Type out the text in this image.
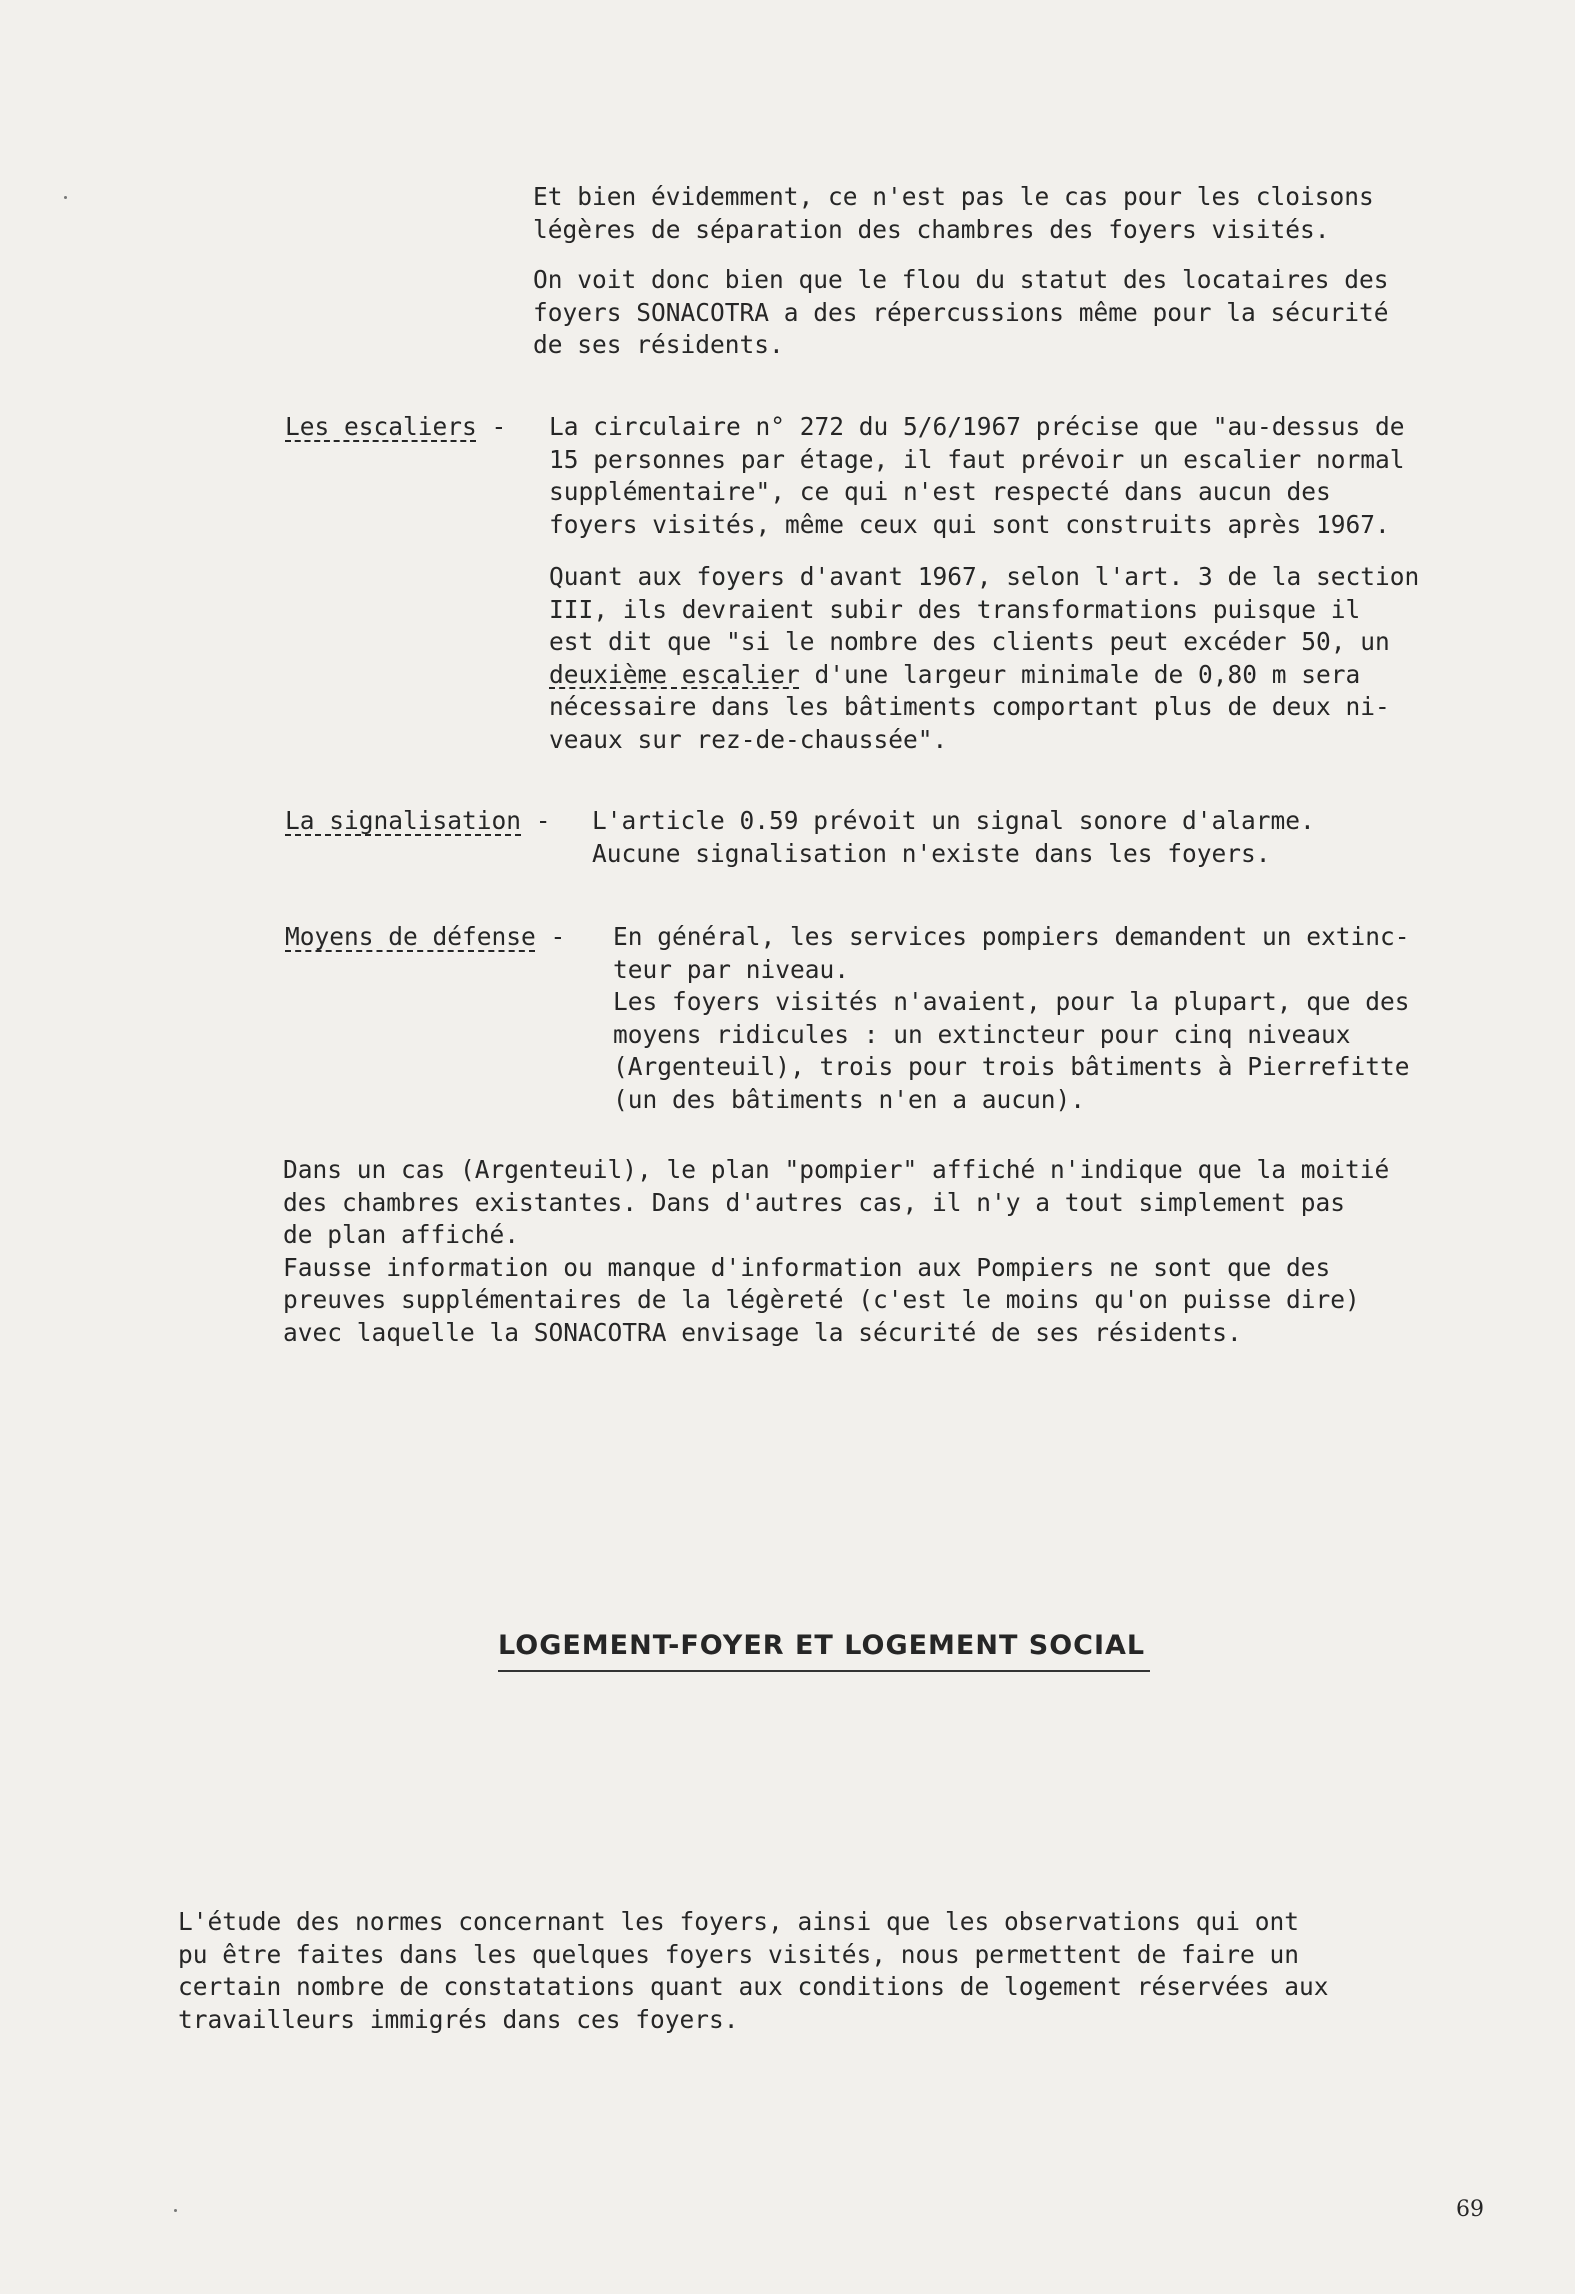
Et bien évidemment, ce n'est pas le cas pour les cloisons
légères de séparation des chambres des foyers visités.

On voit donc bien que le flou du statut des locataires des
foyers SONACOTRA a des répercussions même pour la sécurité
de ses résidents.

Les escaliers - La circulaire n° 272 du 5/6/1967 précise que "au-dessus de
15 personnes par étage, il faut prévoir un escalier normal
supplémentaire", ce qui n'est respecté dans aucun des
foyers visités, même ceux qui sont construits après 1967.

Quant aux foyers d'avant 1967, selon l'art. 3 de la section
III, ils devraient subir des transformations puisque il
est dit que "si le nombre des clients peut excéder 50, un
deuxième escalier d'une largeur minimale de 0,80 m sera
nécessaire dans les bâtiments comportant plus de deux ni-
veaux sur rez-de-chaussée".

La signalisation - L'article 0.59 prévoit un signal sonore d'alarme.
Aucune signalisation n'existe dans les foyers.

Moyens de défense - En général, les services pompiers demandent un extinc-
teur par niveau.
Les foyers visités n'avaient, pour la plupart, que des
moyens ridicules : un extincteur pour cinq niveaux
(Argenteuil), trois pour trois bâtiments à Pierrefitte
(un des bâtiments n'en a aucun).

Dans un cas (Argenteuil), le plan "pompier" affiché n'indique que la moitié
des chambres existantes. Dans d'autres cas, il n'y a tout simplement pas
de plan affiché.
Fausse information ou manque d'information aux Pompiers ne sont que des
preuves supplémentaires de la légèreté (c'est le moins qu'on puisse dire)
avec laquelle la SONACOTRA envisage la sécurité de ses résidents.

LOGEMENT-FOYER ET LOGEMENT SOCIAL

L'étude des normes concernant les foyers, ainsi que les observations qui ont
pu être faites dans les quelques foyers visités, nous permettent de faire un
certain nombre de constatations quant aux conditions de logement réservées aux
travailleurs immigrés dans ces foyers.

69
